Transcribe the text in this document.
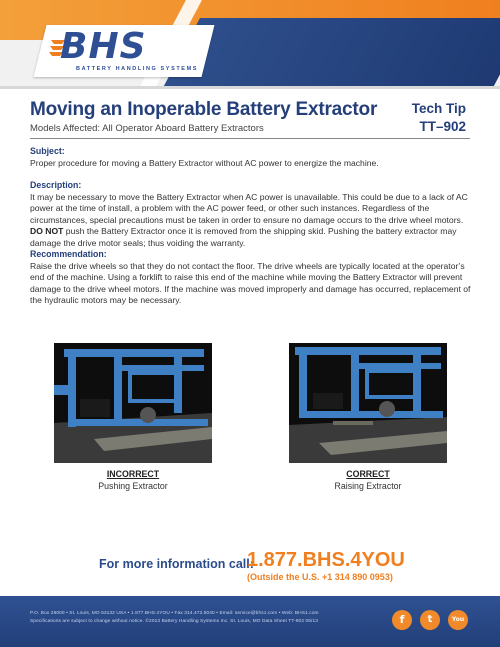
BHS
BATTERY HANDLING SYSTEMS
Moving an Inoperable Battery Extractor
Models Affected: All Operator Aboard Battery Extractors
Tech Tip
TT–902
Subject:

Proper procedure for moving a Battery Extractor without AC power to energize the machine.

Description:

It may be necessary to move the Battery Extractor when AC power is unavailable. This could be due to a lack of AC power at the time of install, a problem with the AC power feed, or other such instances. Regardless of the circumstances, special precautions must be taken in order to ensure no damage occurs to the drive wheel motors. DO NOT push the Battery Extractor once it is removed from the shipping skid. Pushing the battery extractor may damage the drive motor seals; thus voiding the warranty.

Recommendation:

Raise the drive wheels so that they do not contact the floor. The drive wheels are typically located at the operator’s end of the machine. Using a forklift to raise this end of the machine while moving the Battery Extractor will prevent damage to the drive wheel motors. If the machine was moved improperly and damage has occurred, replacement of the hydraulic motors may be necessary.

INCORRECT
Pushing Extractor
CORRECT
Raising Extractor
For more information call:
1.877.BHS.4YOU
(Outside the U.S. +1 314 890 0953)
P.O. Box 28000 • St. Louis, MO 63132 USA • 1.877.BHS.4YOU • Fax 314.473.5040 • Email: service@bhs1.com • Web: BHS1.com
Specifications are subject to change without notice. ©2013 Battery Handling Systems Inc. St. Louis, MO Data Sheet TT-902 05/13	f	t	You
